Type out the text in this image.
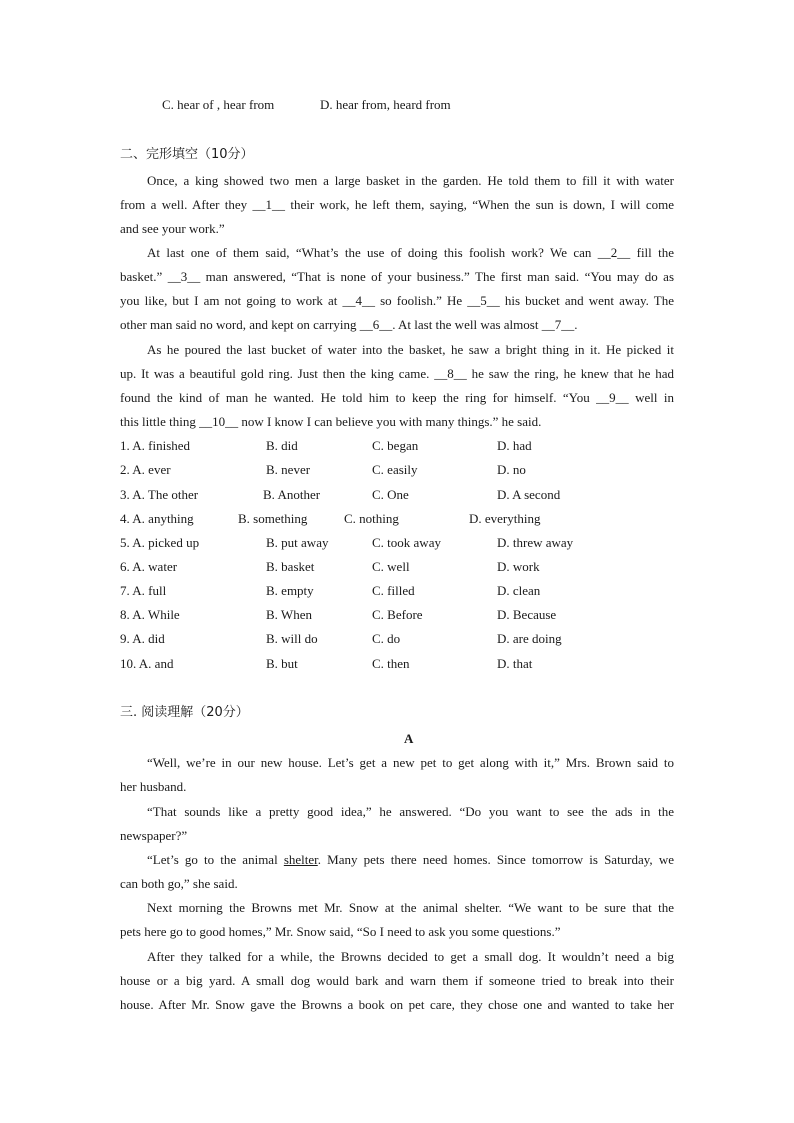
C. hear of , hear from	D. hear from, heard from
二、完形填空（10分）
Once, a king showed two men a large basket in the garden. He told them to fill it with water
from a well. After they __1__ their work, he left them, saying, “When the sun is down, I will come
and see your work.”
At last one of them said, “What’s the use of doing this foolish work? We can __2__ fill the
basket.” __3__ man answered, “That is none of your business.” The first man said. “You may do as
you like, but I am not going to work at __4__ so foolish.” He __5__ his bucket and went away. The
other man said no word, and kept on carrying __6__. At last the well was almost __7__.
As he poured the last bucket of water into the basket, he saw a bright thing in it. He picked it
up. It was a beautiful gold ring. Just then the king came. __8__ he saw the ring, he knew that he had
found the kind of man he wanted. He told him to keep the ring for himself. “You __9__ well in
this little thing __10__ now I know I can believe you with many things.” he said.
1. A. finished	B. did	C. began	D. had
2. A. ever	B. never	C. easily	D. no
3. A. The other	B. Another	C. One	D. A second
4. A. anything	B. something	C. nothing	D. everything
5. A. picked up	B. put away	C. took away	D. threw away
6. A. water	B. basket	C. well	D. work
7. A. full	B. empty	C. filled	D. clean
8. A. While	B. When	C. Before	D. Because
9. A. did	B. will do	C. do	D. are doing
10. A. and	B. but	C. then	D. that
三. 阅读理解（20分）
A
“Well, we’re in our new house. Let’s get a new pet to get along with it,” Mrs. Brown said to
her husband.
“That sounds like a pretty good idea,” he answered. “Do you want to see the ads in the
newspaper?”
“Let’s go to the animal shelter. Many pets there need homes. Since tomorrow is Saturday, we
can both go,” she said.
Next morning the Browns met Mr. Snow at the animal shelter. “We want to be sure that the
pets here go to good homes,” Mr. Snow said, “So I need to ask you some questions.”
After they talked for a while, the Browns decided to get a small dog. It wouldn’t need a big
house or a big yard. A small dog would bark and warn them if someone tried to break into their
house. After Mr. Snow gave the Browns a book on pet care, they chose one and wanted to take her
